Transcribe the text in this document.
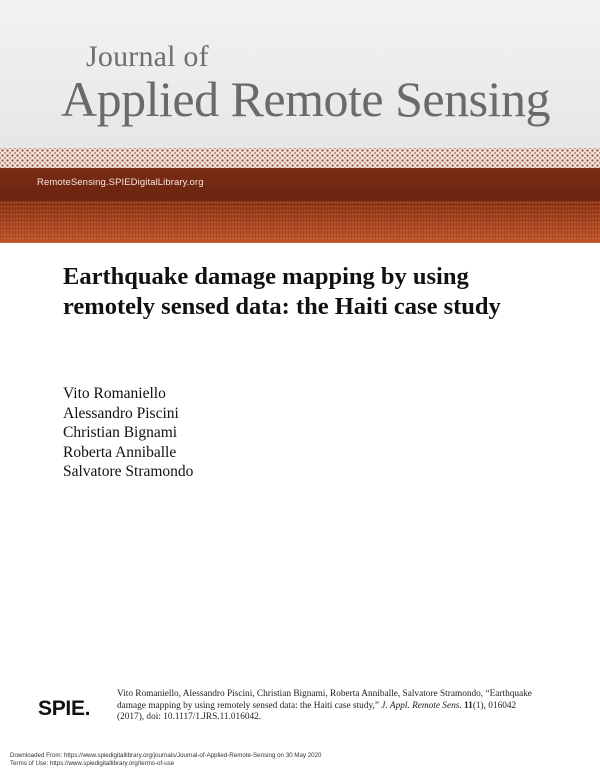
Journal of
Applied Remote Sensing
RemoteSensing.SPIEDigitalLibrary.org
Earthquake damage mapping by using remotely sensed data: the Haiti case study
Vito Romaniello
Alessandro Piscini
Christian Bignami
Roberta Anniballe
Salvatore Stramondo
SPIE.
Vito Romaniello, Alessandro Piscini, Christian Bignami, Roberta Anniballe, Salvatore Stramondo, “Earthquake damage mapping by using remotely sensed data: the Haiti case study,” J. Appl. Remote Sens. 11(1), 016042 (2017), doi: 10.1117/1.JRS.11.016042.
Downloaded From: https://www.spiedigitallibrary.org/journals/Journal-of-Applied-Remote-Sensing on 30 May 2020
Terms of Use: https://www.spiedigitallibrary.org/terms-of-use
